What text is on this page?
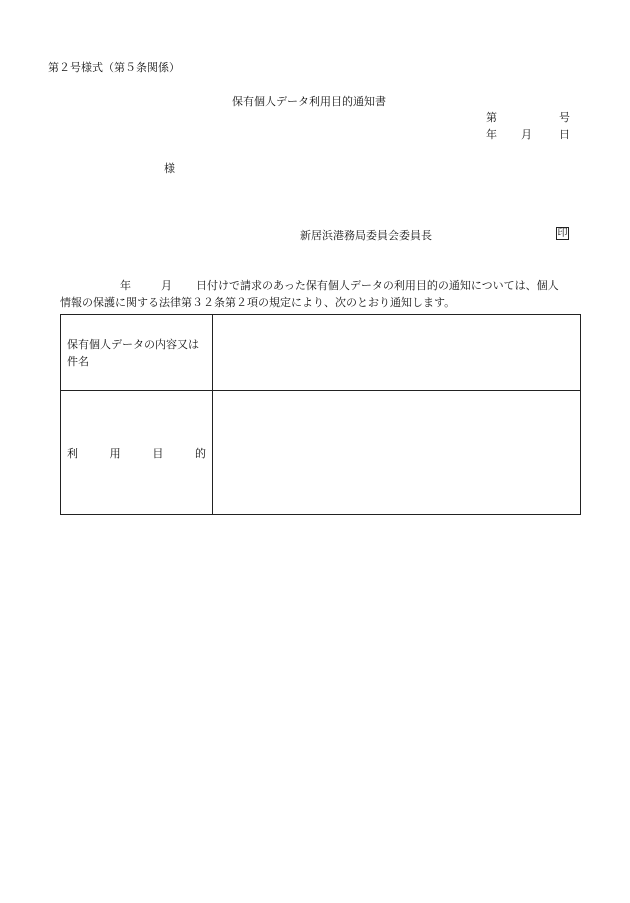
第２号様式（第５条関係）
保有個人データ利用目的通知書
第	号
年 月 日
様
新居浜港務局委員会委員長	印
年	月 日付けで請求のあった保有個人データの利用目的の通知については、個人
情報の保護に関する法律第３２条第２項の規定により、次のとおり通知します。
保有個人データの内容又は
件名	

利 用 目 的	
